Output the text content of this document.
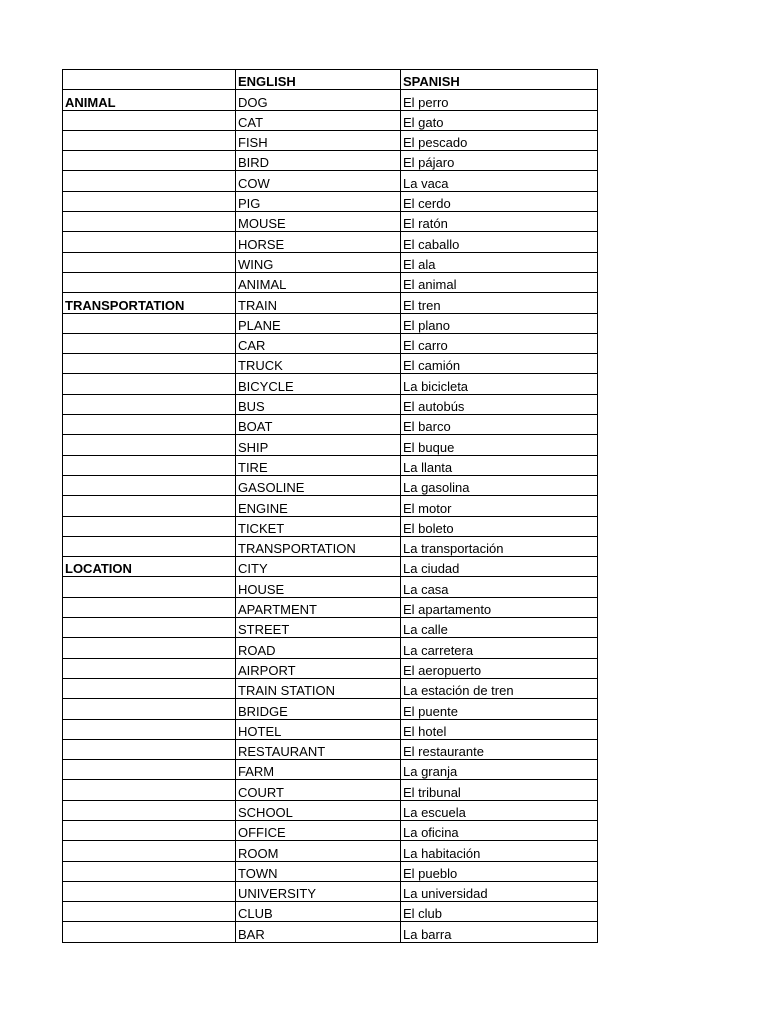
	ENGLISH	SPANISH
ANIMAL	DOG	El perro
	CAT	El gato
	FISH	El pescado
	BIRD	El pájaro
	COW	La vaca
	PIG	El cerdo
	MOUSE	El ratón
	HORSE	El caballo
	WING	El ala
	ANIMAL	El animal
TRANSPORTATION	TRAIN	El tren
	PLANE	El plano
	CAR	El carro
	TRUCK	El camión
	BICYCLE	La bicicleta
	BUS	El autobús
	BOAT	El barco
	SHIP	El buque
	TIRE	La llanta
	GASOLINE	La gasolina
	ENGINE	El motor
	TICKET	El boleto
	TRANSPORTATION	La transportación
LOCATION	CITY	La ciudad
	HOUSE	La casa
	APARTMENT	El apartamento
	STREET	La calle
	ROAD	La carretera
	AIRPORT	El aeropuerto
	TRAIN STATION	La estación de tren
	BRIDGE	El puente
	HOTEL	El hotel
	RESTAURANT	El restaurante
	FARM	La granja
	COURT	El tribunal
	SCHOOL	La escuela
	OFFICE	La oficina
	ROOM	La habitación
	TOWN	El pueblo
	UNIVERSITY	La universidad
	CLUB	El club
	BAR	La barra
